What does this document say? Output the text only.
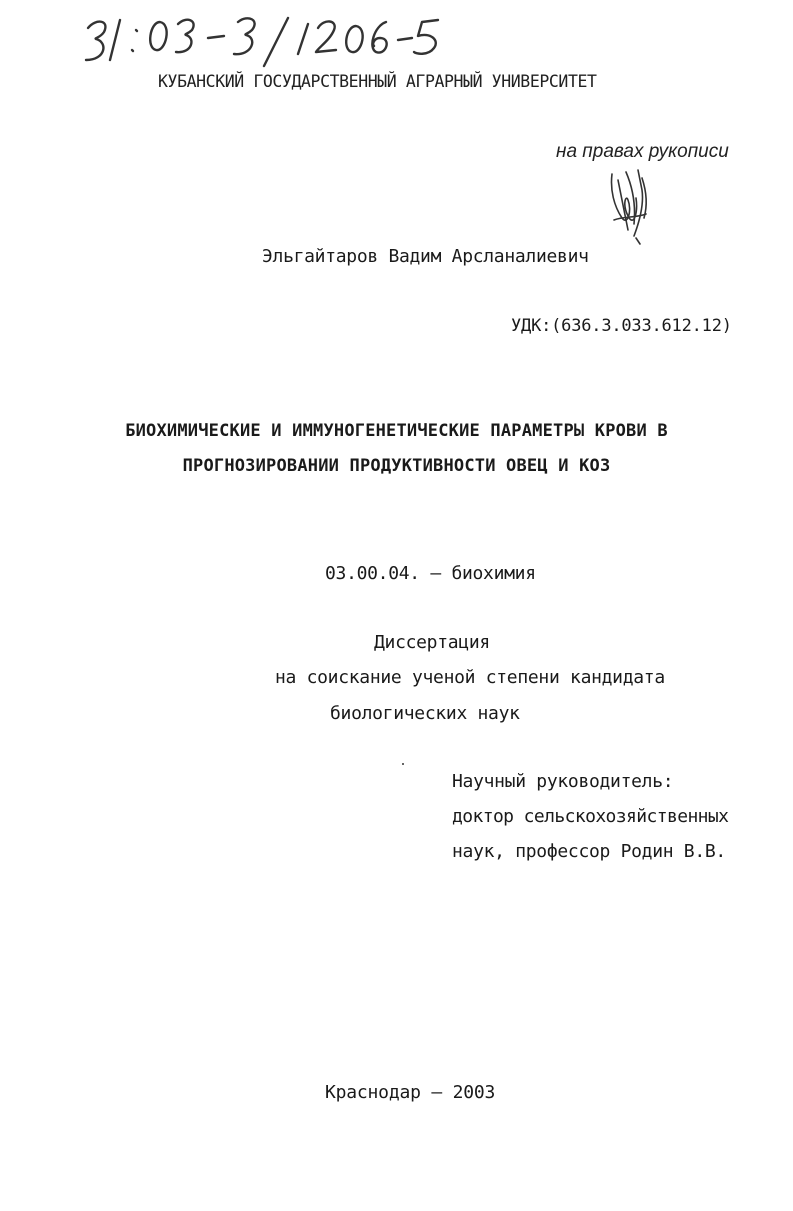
КУБАНСКИЙ ГОСУДАРСТВЕННЫЙ АГРАРНЫЙ УНИВЕРСИТЕТ
на правах рукописи
Эльгайтаров Вадим Арсланалиевич
УДК:(636.3.033.612.12)
БИОХИМИЧЕСКИЕ И ИММУНОГЕНЕТИЧЕСКИЕ ПАРАМЕТРЫ КРОВИ В
ПРОГНОЗИРОВАНИИ ПРОДУКТИВНОСТИ ОВЕЦ И КОЗ
03.00.04. – биохимия
Диссертация
на соискание ученой степени кандидата
биологических наук
Научный руководитель:
доктор сельскохозяйственных
наук, профессор Родин В.В.
Краснодар – 2003
